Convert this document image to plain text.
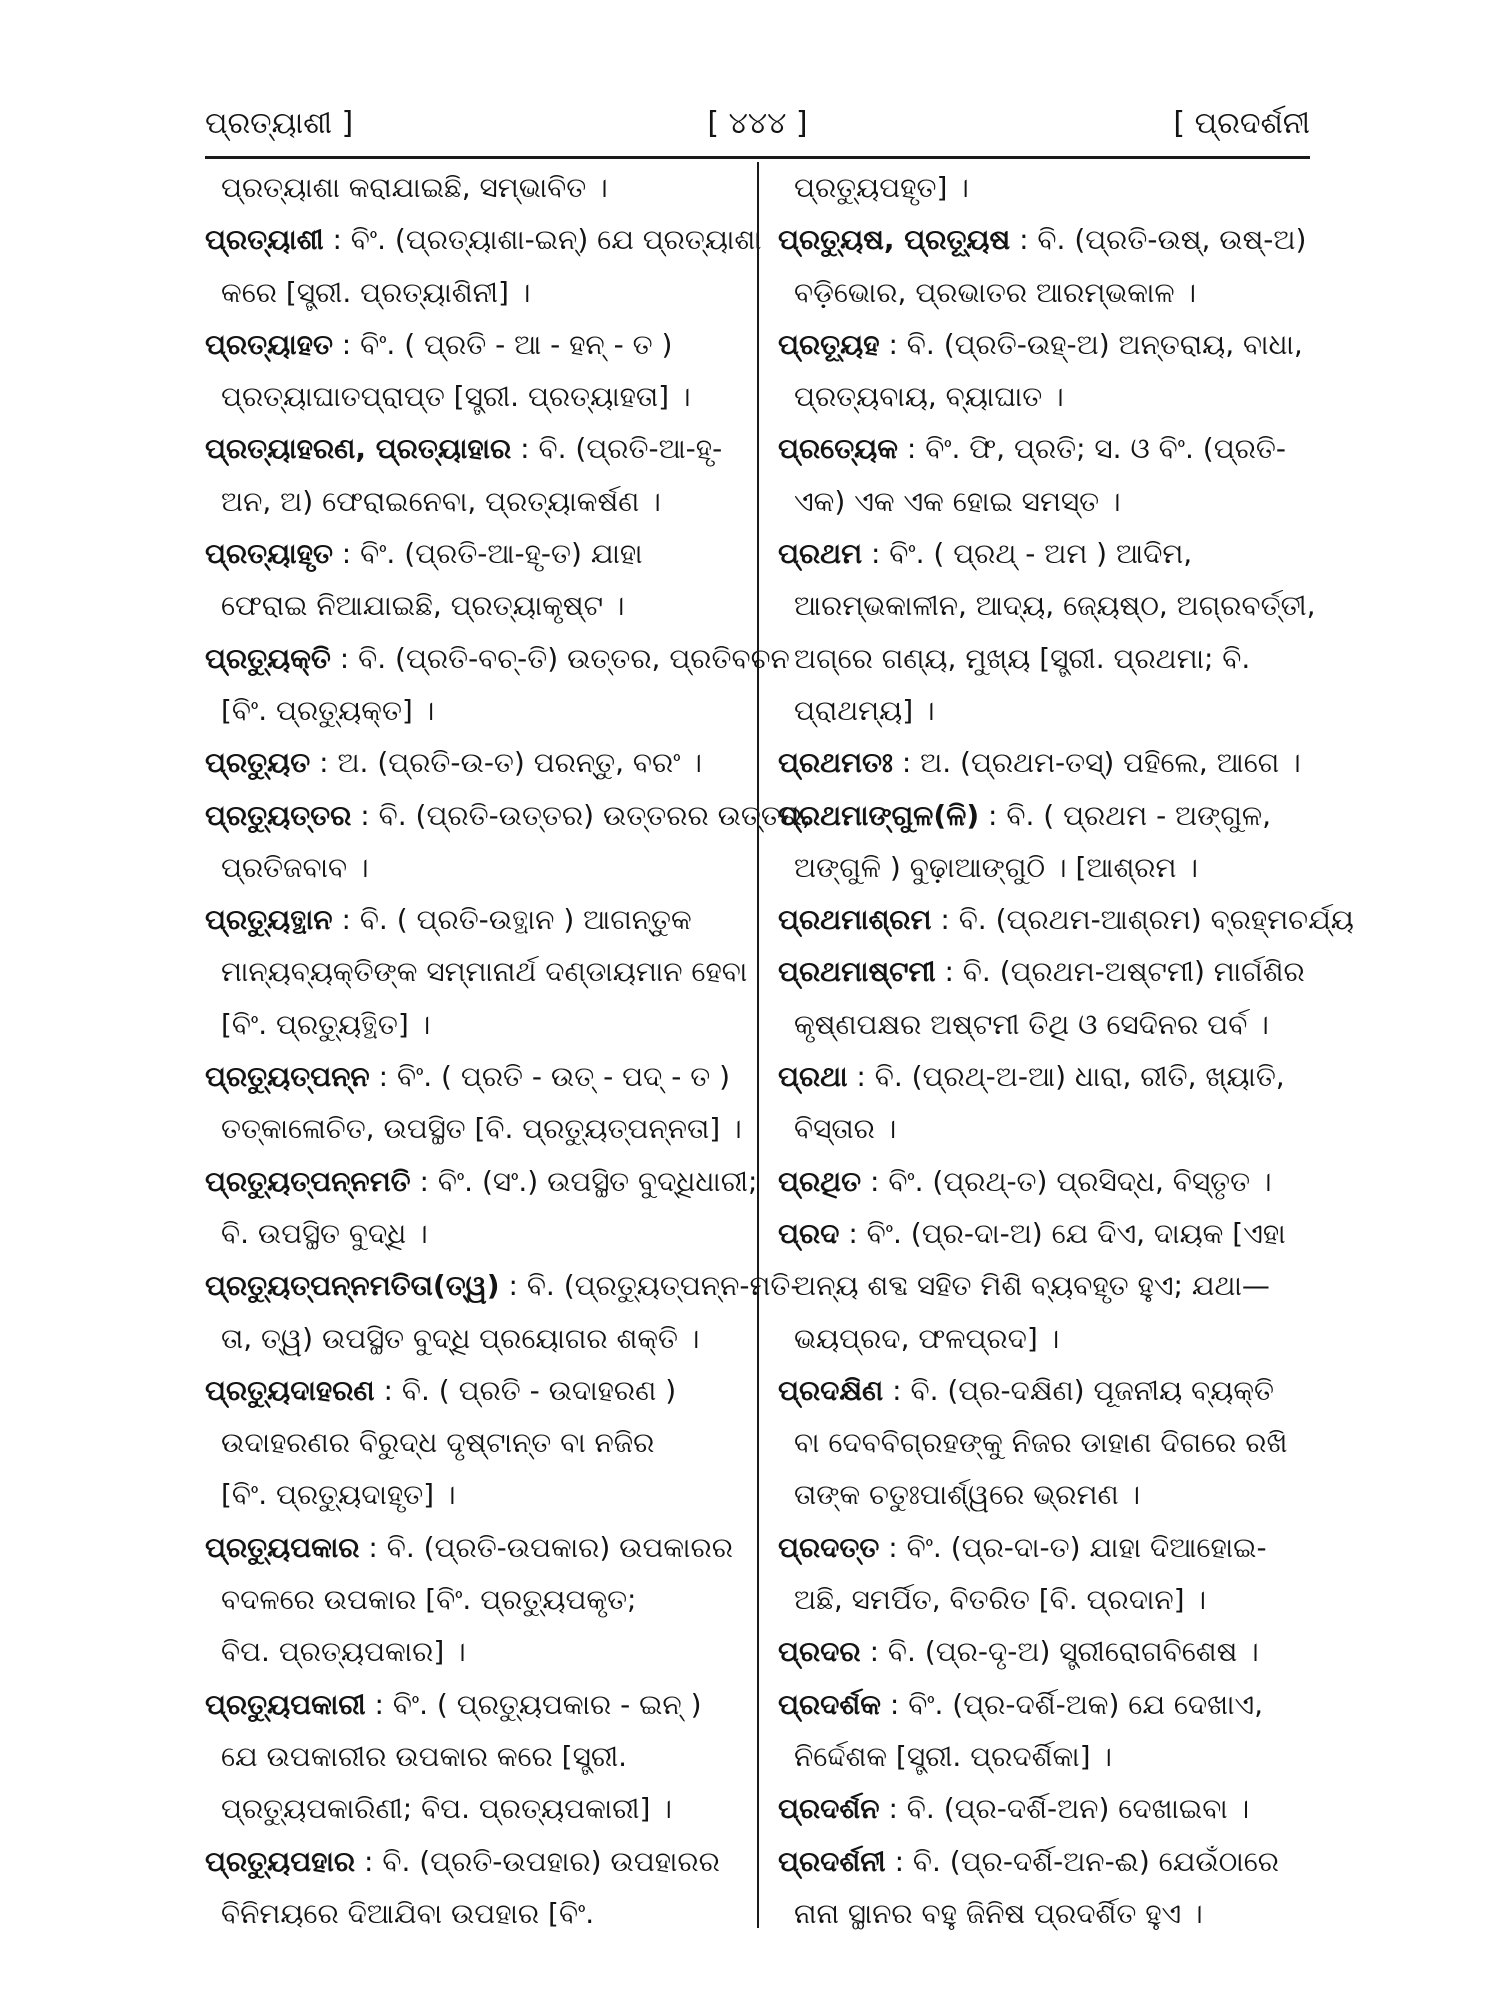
ପ୍ରତ୍ୟାଶୀ ]	[ ୪୪୪ ]	[ ପ୍ରଦର୍ଶନୀ
ପ୍ରତ୍ୟାଶା କରାଯାଇଛି, ସମ୍ଭାବିତ ।
ପ୍ରତ୍ୟାଶୀ : ବିଂ. (ପ୍ରତ୍ୟାଶା-ଇନ୍) ଯେ ପ୍ରତ୍ୟାଶା
କରେ [ସ୍ତ୍ରୀ. ପ୍ରତ୍ୟାଶିନୀ] ।
ପ୍ରତ୍ୟାହତ : ବିଂ. ( ପ୍ରତି - ଆ - ହନ୍ - ତ )
ପ୍ରତ୍ୟାଘାତପ୍ରାପ୍ତ [ସ୍ତ୍ରୀ. ପ୍ରତ୍ୟାହତା] ।
ପ୍ରତ୍ୟାହରଣ, ପ୍ରତ୍ୟାହାର : ବି. (ପ୍ରତି-ଆ-ହୃ-
ଅନ, ଅ) ଫେରାଇନେବା, ପ୍ରତ୍ୟାକର୍ଷଣ ।
ପ୍ରତ୍ୟାହୃତ : ବିଂ. (ପ୍ରତି-ଆ-ହୃ-ତ) ଯାହା
ଫେରାଇ ନିଆଯାଇଛି, ପ୍ରତ୍ୟାକୃଷ୍ଟ ।
ପ୍ରତ୍ୟୁକ୍ତି : ବି. (ପ୍ରତି-ବଚ୍-ତି) ଉତ୍ତର, ପ୍ରତିବଚନ
[ବିଂ. ପ୍ରତ୍ୟୁକ୍ତ] ।
ପ୍ରତ୍ୟୁତ : ଅ. (ପ୍ରତି-ଉ-ତ) ପରନ୍ତୁ, ବରଂ ।
ପ୍ରତ୍ୟୁତ୍ତର : ବି. (ପ୍ରତି-ଉତ୍ତର) ଉତ୍ତରର ଉତ୍ତର,
ପ୍ରତିଜବାବ ।
ପ୍ରତ୍ୟୁତ୍ଥାନ : ବି. ( ପ୍ରତି-ଉତ୍ଥାନ ) ଆଗନ୍ତୁକ
ମାନ୍ୟବ୍ୟକ୍ତିଙ୍କ ସମ୍ମାନାର୍ଥ ଦଣ୍ଡାୟମାନ ହେବା
[ବିଂ. ପ୍ରତ୍ୟୁତ୍ଥିତ] ।
ପ୍ରତ୍ୟୁତ୍ପନ୍ନ : ବିଂ. ( ପ୍ରତି - ଉତ୍ - ପଦ୍ - ତ )
ତତ୍କାଳୋଚିତ, ଉପସ୍ଥିତ [ବି. ପ୍ରତ୍ୟୁତ୍ପନ୍ନତା] ।
ପ୍ରତ୍ୟୁତ୍ପନ୍ନମତି : ବିଂ. (ସଂ.) ଉପସ୍ଥିତ ବୁଦ୍ଧିଧାରୀ;
ବି. ଉପସ୍ଥିତ ବୁଦ୍ଧି ।
ପ୍ରତ୍ୟୁତ୍ପନ୍ନମତିତା(ତ୍ୱ) : ବି. (ପ୍ରତ୍ୟୁତ୍ପନ୍ନ-ମତି-
ତା, ତ୍ୱ) ଉପସ୍ଥିତ ବୁଦ୍ଧି ପ୍ରୟୋଗର ଶକ୍ତି ।
ପ୍ରତ୍ୟୁଦାହରଣ : ବି. ( ପ୍ରତି - ଉଦାହରଣ )
ଉଦାହରଣର ବିରୁଦ୍ଧ ଦୃଷ୍ଟାନ୍ତ ବା ନଜିର
[ବିଂ. ପ୍ରତ୍ୟୁଦାହୃତ] ।
ପ୍ରତ୍ୟୁପକାର : ବି. (ପ୍ରତି-ଉପକାର) ଉପକାରର
ବଦଳରେ ଉପକାର [ବିଂ. ପ୍ରତ୍ୟୁପକୃତ;
ବିପ. ପ୍ରତ୍ୟପକାର] ।
ପ୍ରତ୍ୟୁପକାରୀ : ବିଂ. ( ପ୍ରତ୍ୟୁପକାର - ଇନ୍ )
ଯେ ଉପକାରୀର ଉପକାର କରେ [ସ୍ତ୍ରୀ.
ପ୍ରତ୍ୟୁପକାରିଣୀ; ବିପ. ପ୍ରତ୍ୟପକାରୀ] ।
ପ୍ରତ୍ୟୁପହାର : ବି. (ପ୍ରତି-ଉପହାର) ଉପହାରର
ବିନିମୟରେ ଦିଆଯିବା ଉପହାର [ବିଂ.
ପ୍ରତ୍ୟୁପହୃତ] ।
ପ୍ରତ୍ୟୁଷ, ପ୍ରତ୍ୟୂଷ : ବି. (ପ୍ରତି-ଉଷ୍, ଉଷ୍-ଅ)
ବଡ଼ିଭୋର, ପ୍ରଭାତର ଆରମ୍ଭକାଳ ।
ପ୍ରତ୍ୟୂହ : ବି. (ପ୍ରତି-ଉହ୍-ଅ) ଅନ୍ତରାୟ, ବାଧା,
ପ୍ରତ୍ୟବାୟ, ବ୍ୟାଘାତ ।
ପ୍ରତ୍ୟେକ : ବିଂ. ଫି, ପ୍ରତି; ସ. ଓ ବିଂ. (ପ୍ରତି-
ଏକ) ଏକ ଏକ ହୋଇ ସମସ୍ତ ।
ପ୍ରଥମ : ବିଂ. ( ପ୍ରଥ୍ - ଅମ ) ଆଦିମ,
ଆରମ୍ଭକାଳୀନ, ଆଦ୍ୟ, ଜ୍ୟେଷ୍ଠ, ଅଗ୍ରବର୍ତ୍ତୀ,
ଅଗ୍ରେ ଗଣ୍ୟ, ମୁଖ୍ୟ [ସ୍ତ୍ରୀ. ପ୍ରଥମା; ବି.
ପ୍ରାଥମ୍ୟ] ।
ପ୍ରଥମତଃ : ଅ. (ପ୍ରଥମ-ତସ୍) ପହିଲେ, ଆଗେ ।
ପ୍ରଥମାଙ୍ଗୁଳ(ଳି) : ବି. ( ପ୍ରଥମ - ଅଙ୍ଗୁଳ,
ଅଙ୍ଗୁଳି ) ବୁଢ଼ାଆଙ୍ଗୁଠି । [ଆଶ୍ରମ ।
ପ୍ରଥମାଶ୍ରମ : ବି. (ପ୍ରଥମ-ଆଶ୍ରମ) ବ୍ରହ୍ମଚର୍ଯ୍ୟ
ପ୍ରଥମାଷ୍ଟମୀ : ବି. (ପ୍ରଥମ-ଅଷ୍ଟମୀ) ମାର୍ଗଶିର
କୃଷ୍ଣପକ୍ଷର ଅଷ୍ଟମୀ ତିଥି ଓ ସେଦିନର ପର୍ବ ।
ପ୍ରଥା : ବି. (ପ୍ରଥ୍-ଅ-ଆ) ଧାରା, ରୀତି, ଖ୍ୟାତି,
ବିସ୍ତାର ।
ପ୍ରଥିତ : ବିଂ. (ପ୍ରଥ୍-ତ) ପ୍ରସିଦ୍ଧ, ବିସ୍ତୃତ ।
ପ୍ରଦ : ବିଂ. (ପ୍ର-ଦା-ଅ) ଯେ ଦିଏ, ଦାୟକ [ଏହା
ଅନ୍ୟ ଶବ୍ଦ ସହିତ ମିଶି ବ୍ୟବହୃତ ହୁଏ; ଯଥା—
ଭୟପ୍ରଦ, ଫଳପ୍ରଦ] ।
ପ୍ରଦକ୍ଷିଣ : ବି. (ପ୍ର-ଦକ୍ଷିଣ) ପୂଜନୀୟ ବ୍ୟକ୍ତି
ବା ଦେବବିଗ୍ରହଙ୍କୁ ନିଜର ଡାହାଣ ଦିଗରେ ରଖି
ତାଙ୍କ ଚତୁଃପାର୍ଶ୍ୱରେ ଭ୍ରମଣ ।
ପ୍ରଦତ୍ତ : ବିଂ. (ପ୍ର-ଦା-ତ) ଯାହା ଦିଆହୋଇ-
ଅଛି, ସମର୍ପିତ, ବିତରିତ [ବି. ପ୍ରଦାନ] ।
ପ୍ରଦର : ବି. (ପ୍ର-ଦୃ-ଅ) ସ୍ତ୍ରୀରୋଗବିଶେଷ ।
ପ୍ରଦର୍ଶକ : ବିଂ. (ପ୍ର-ଦର୍ଶି-ଅକ) ଯେ ଦେଖାଏ,
ନିର୍ଦ୍ଦେଶକ [ସ୍ତ୍ରୀ. ପ୍ରଦର୍ଶିକା] ।
ପ୍ରଦର୍ଶନ : ବି. (ପ୍ର-ଦର୍ଶି-ଅନ) ଦେଖାଇବା ।
ପ୍ରଦର୍ଶନୀ : ବି. (ପ୍ର-ଦର୍ଶି-ଅନ-ଈ) ଯେଉଁଠାରେ
ନାନା ସ୍ଥାନର ବହୁ ଜିନିଷ ପ୍ରଦର୍ଶିତ ହୁଏ ।
